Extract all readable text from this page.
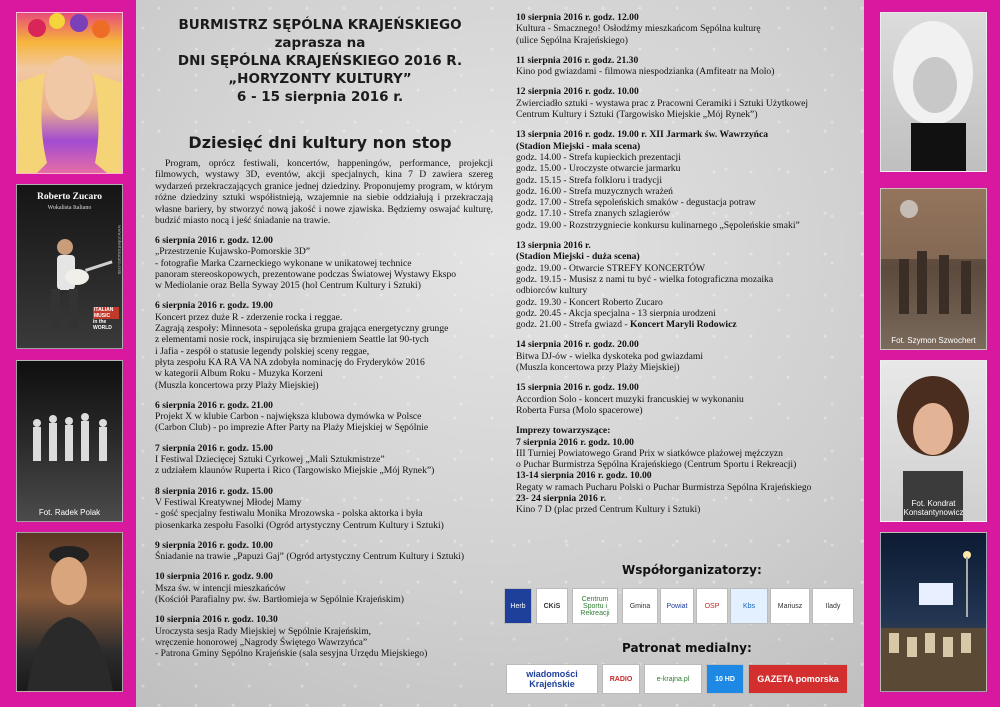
Roberto Zucaro
Wokalista Italiano
www.robertozucaro.com
ITALIAN
MUSIC
in the
WORLD
Fot. Radek Polak
Fot. Szymon Szwochert
Fot. Kondrat Konstantynowicz
BURMISTRZ SĘPÓLNA KRAJEŃSKIEGO
zaprasza na
DNI SĘPÓLNA KRAJEŃSKIEGO 2016 R.
„HORYZONTY KULTURY”
6 - 15 sierpnia 2016 r.
Dziesięć dni kultury non stop
Program, oprócz festiwali, koncertów, happeningów, performance, projekcji filmowych, wystawy 3D, eventów, akcji specjalnych, kina 7 D zawiera szereg wydarzeń przekraczających granice jednej dziedziny. Proponujemy program, w którym różne dziedziny sztuki współistnieją, wzajemnie na siebie oddziałują i przekraczają własne bariery, by stworzyć nową jakość i nowe zjawiska. Będziemy oswajać kulturę, budzić miasto nocą i jeść śniadanie na trawie.

6 sierpnia 2016 r. godz. 12.00
„Przestrzenie Kujawsko-Pomorskie 3D”
- fotografie Marka Czarneckiego wykonane w unikatowej technice
panoram stereoskopowych, prezentowane podczas Światowej Wystawy Ekspo
w Mediolanie oraz Bella Syway 2015 (hol Centrum Kultury i Sztuki)

6 sierpnia 2016 r. godz. 19.00
Koncert przez duże R - zderzenie rocka i reggae.
Zagrają zespoły: Minnesota - sępoleńska grupa grająca energetyczny grunge
z elementami nosie rock, inspirująca się brzmieniem Seattle lat 90-tych
i Jafia - zespół o statusie legendy polskiej sceny reggae,
płyta zespołu KA RA VA NA zdobyła nominację do Fryderyków 2016
w kategorii Album Roku - Muzyka Korzeni
(Muszla koncertowa przy Plaży Miejskiej)

6 sierpnia 2016 r. godz. 21.00
Projekt X w klubie Carbon - największa klubowa dymówka w Polsce
(Carbon Club) - po imprezie After Party na Plaży Miejskiej w Sępólnie

7 sierpnia 2016 r. godz. 15.00
I Festiwal Dziecięcej Sztuki Cyrkowej „Mali Sztukmistrze”
z udziałem klaunów Ruperta i Rico (Targowisko Miejskie „Mój Rynek”)

8 sierpnia 2016 r. godz. 15.00
V Festiwal Kreatywnej Młodej Mamy
- gość specjalny festiwalu Monika Mrozowska - polska aktorka i była
piosenkarka zespołu Fasolki (Ogród artystyczny Centrum Kultury i Sztuki)

9 sierpnia 2016 r. godz. 10.00
Śniadanie na trawie „Papuzi Gaj” (Ogród artystyczny Centrum Kultury i Sztuki)

10 sierpnia 2016 r. godz. 9.00
Msza św. w intencji mieszkańców
(Kościół Parafialny pw. św. Bartłomieja w Sępólnie Krajeńskim)

10 sierpnia 2016 r. godz. 10.30
Uroczysta sesja Rady Miejskiej w Sępólnie Krajeńskim,
wręczenie honorowej „Nagrody Świętego Wawrzyńca”
- Patrona Gminy Sępólno Krajeńskie (sala sesyjna Urzędu Miejskiego)

10 sierpnia 2016 r. godz. 12.00
Kultura - Smacznego! Osłodźmy mieszkańcom Sępólna kulturę
(ulice Sępólna Krajeńskiego)

11 sierpnia 2016 r. godz. 21.30
Kino pod gwiazdami - filmowa niespodzianka (Amfiteatr na Molo)

12 sierpnia 2016 r. godz. 10.00
Zwierciadło sztuki - wystawa prac z Pracowni Ceramiki i Sztuki Użytkowej
Centrum Kultury i Sztuki (Targowisko Miejskie „Mój Rynek”)

13 sierpnia 2016 r. godz. 19.00 r. XII Jarmark św. Wawrzyńca
(Stadion Miejski - mała scena)
godz. 14.00 - Strefa kupieckich prezentacji
godz. 15.00 - Uroczyste otwarcie jarmarku
godz. 15.15 - Strefa folkloru i tradycji
godz. 16.00 - Strefa muzycznych wrażeń
godz. 17.00 - Strefa sępoleńskich smaków - degustacja potraw
godz. 17.10 - Strefa znanych szlagierów
godz. 19.00 - Rozstrzygniecie konkursu kulinarnego „Sępoleńskie smaki”

13 sierpnia 2016 r.
(Stadion Miejski - duża scena)
godz. 19.00 - Otwarcie STREFY KONCERTÓW
godz. 19.15 - Musisz z nami tu być - wielka fotograficzna mozaika
odbiorców kultury
godz. 19.30 - Koncert Roberto Zucaro
godz. 20.45 - Akcja specjalna - 13 sierpnia urodzeni
godz. 21.00 - Strefa gwiazd - Koncert Maryli Rodowicz

14 sierpnia 2016 r. godz. 20.00
Bitwa DJ-ów - wielka dyskoteka pod gwiazdami
(Muszla koncertowa przy Plaży Miejskiej)

15 sierpnia 2016 r. godz. 19.00
Accordion Solo - koncert muzyki francuskiej w wykonaniu
Roberta Fursa (Molo spacerowe)

Imprezy towarzyszące:
7 sierpnia 2016 r. godz. 10.00
III Turniej Powiatowego Grand Prix w siatkówce plażowej mężczyzn
o Puchar Burmistrza Sępólna Krajeńskiego (Centrum Sportu i Rekreacji)
13-14 sierpnia 2016 r. godz. 10.00
Regaty w ramach Pucharu Polski o Puchar Burmistrza Sępólna Krajeńskiego
23- 24 sierpnia 2016 r.
Kino 7 D (plac przed Centrum Kultury i Sztuki)

Współorganizatorzy:
Herb	CKiS
Centrum Sportu i Rekreacji
Gmina	Powiat	OSP	Kbs	Mariusz	Ilady
Patronat medialny:
wiadomości Krajeńskie	RADIO	e-krajna.pl	10 HD	GAZETA pomorska
